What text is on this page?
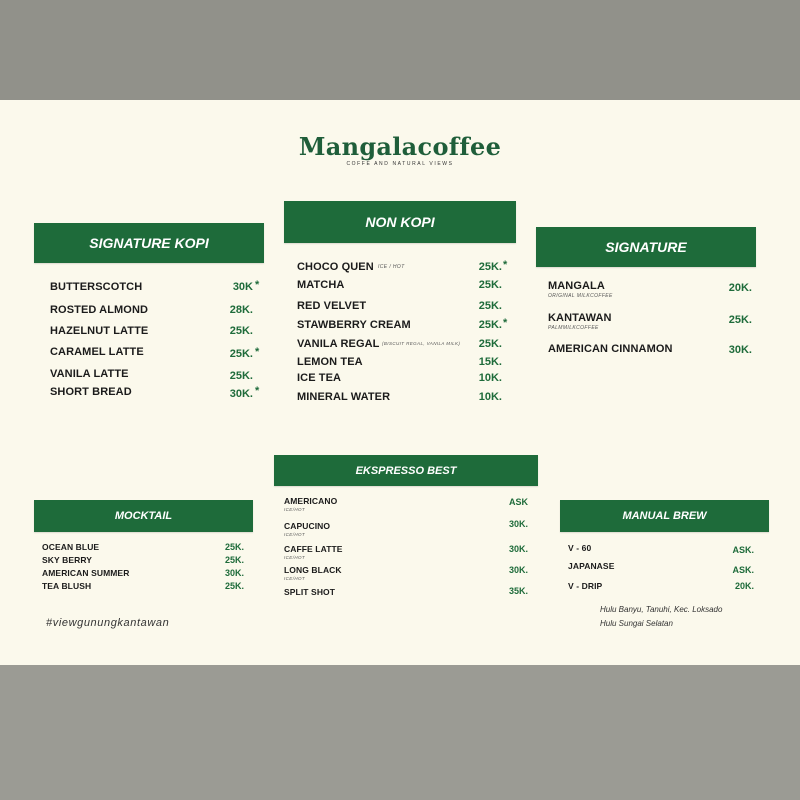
Mangalacoffee
COFFE AND NATURAL VIEWS
SIGNATURE KOPI
BUTTERSCOTCH	30K *
ROSTED ALMOND	28K.
HAZELNUT LATTE	25K.
CARAMEL LATTE	25K. *
VANILA LATTE	25K.
SHORT BREAD	30K. *
NON KOPI
CHOCO QUEN ICE / HOT	25K. *
MATCHA	25K.
RED VELVET	25K.
STAWBERRY CREAM	25K. *
VANILA REGAL (BISCUIT REGAL, VANILA MILK) 25K.
LEMON TEA	15K.
ICE TEA	10K.
MINERAL WATER	10K.
SIGNATURE
MANGALA
ORIGINAL MILKCOFFEE
20K.
KANTAWAN
PALMMILKCOFFEE
25K.
AMERICAN CINNAMON	30K.
EKSPRESSO BEST
AMERICANO
ICE/HOT
ASK
CAPUCINO
ICE/HOT
30K.
CAFFE LATTE
ICE/HOT
30K.
LONG BLACK
ICE/HOT
30K.
SPLIT SHOT	35K.
MOCKTAIL
OCEAN BLUE	25K.
SKY BERRY	25K.
AMERICAN SUMMER	30K.
TEA BLUSH	25K.
MANUAL BREW
V - 60	ASK.
JAPANASE	ASK.
V - DRIP	20K.
#viewgunungkantawan
Hulu Banyu, Tanuhi, Kec. Loksado
Hulu Sungai Selatan
